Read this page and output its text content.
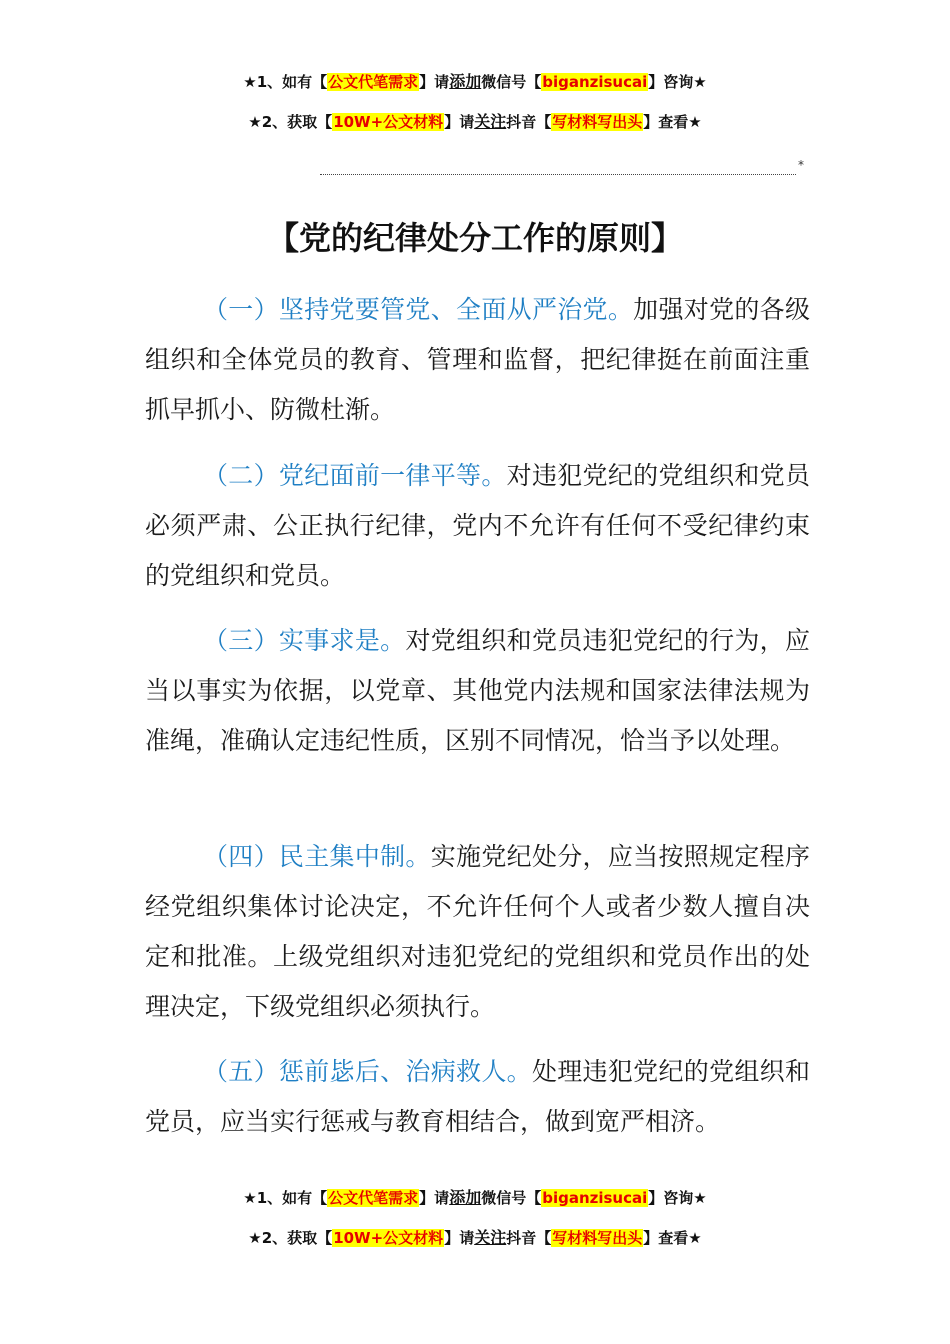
★1、如有【公文代笔需求】请添加微信号【biganzisucai】咨询★
★2、获取【10W+公文材料】请关注抖音【写材料写出头】查看★
*
【党的纪律处分工作的原则】

（一）坚持党要管党、全面从严治党。加强对党的各级组织和全体党员的教育、管理和监督，把纪律挺在前面注重抓早抓小、防微杜渐。

（二）党纪面前一律平等。对违犯党纪的党组织和党员必须严肃、公正执行纪律，党内不允许有任何不受纪律约束的党组织和党员。

（三）实事求是。对党组织和党员违犯党纪的行为，应当以事实为依据，以党章、其他党内法规和国家法律法规为准绳，准确认定违纪性质，区别不同情况，恰当予以处理。

（四）民主集中制。实施党纪处分，应当按照规定程序经党组织集体讨论决定，不允许任何个人或者少数人擅自决定和批准。上级党组织对违犯党纪的党组织和党员作出的处理决定，下级党组织必须执行。

（五）惩前毖后、治病救人。处理违犯党纪的党组织和党员，应当实行惩戒与教育相结合，做到宽严相济。

★1、如有【公文代笔需求】请添加微信号【biganzisucai】咨询★
★2、获取【10W+公文材料】请关注抖音【写材料写出头】查看★
